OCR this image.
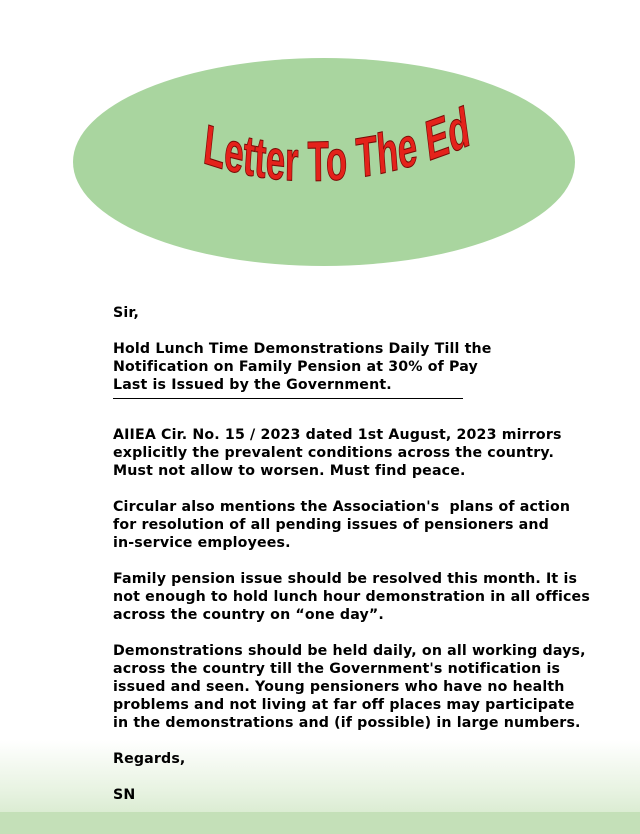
Letter To The Ed

Sir,

Hold Lunch Time Demonstrations Daily Till the
Notification on Family Pension at 30% of Pay
Last is Issued by the Government.

AIIEA Cir. No. 15 / 2023 dated 1st August, 2023 mirrors
explicitly the prevalent conditions across the country.
Must not allow to worsen. Must find peace.

Circular also mentions the Association's  plans of action
for resolution of all pending issues of pensioners and
in-service employees.

Family pension issue should be resolved this month. It is
not enough to hold lunch hour demonstration in all offices
across the country on “one day”.

Demonstrations should be held daily, on all working days,
across the country till the Government's notification is
issued and seen. Young pensioners who have no health
problems and not living at far off places may participate
in the demonstrations and (if possible) in large numbers.

Regards,

SN
